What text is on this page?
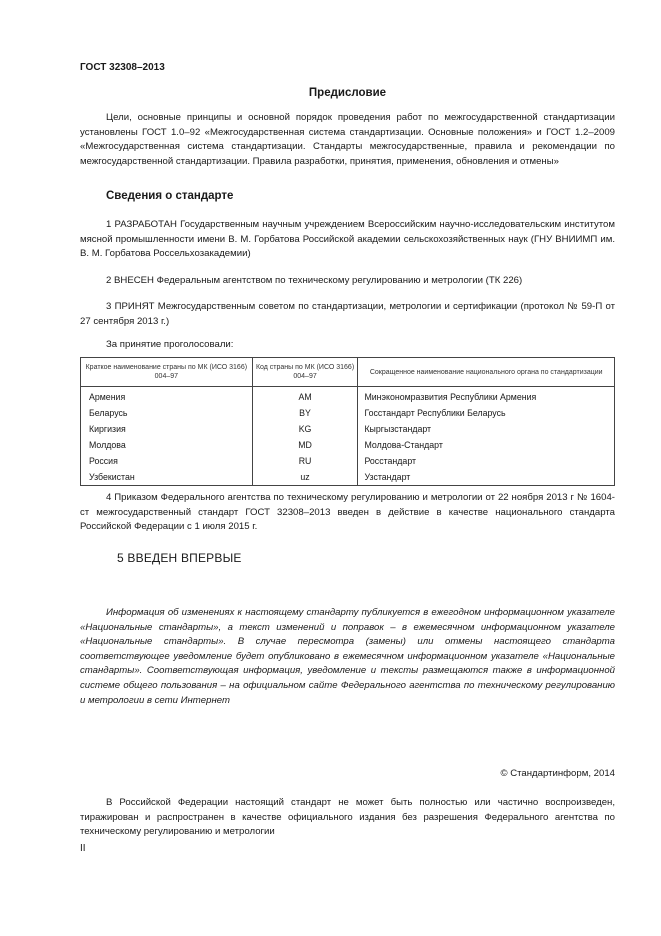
ГОСТ 32308–2013
Предисловие

Цели, основные принципы и основной порядок проведения работ по межгосударственной стандартизации установлены ГОСТ 1.0–92 «Межгосударственная система стандартизации. Основные положения» и ГОСТ 1.2–2009 «Межгосударственная система стандартизации. Стандарты межгосударственные, правила и рекомендации по межгосударственной стандартизации. Правила разработки, принятия, применения, обновления и отмены»

Сведения о стандарте

1 РАЗРАБОТАН Государственным научным учреждением Всероссийским научно-исследовательским институтом мясной промышленности имени В. М. Горбатова Российской академии сельскохозяйственных наук (ГНУ ВНИИМП им. В. М. Горбатова Россельхозакадемии)

2 ВНЕСЕН Федеральным агентством по техническому регулированию и метрологии (ТК 226)

3 ПРИНЯТ Межгосударственным советом по стандартизации, метрологии и сертификации (протокол № 59-П от 27 сентября 2013 г.)

За принятие проголосовали:
Краткое наименование страны по МК (ИСО 3166) 004–97	Код страны по МК (ИСО 3166) 004–97	Сокращенное наименование национального органа по стандартизации
Армения	AM	Минэкономразвития Республики Армения
Беларусь	BY	Госстандарт Республики Беларусь
Киргизия	KG	Кыргызстандарт
Молдова	MD	Молдова-Стандарт
Россия	RU	Росстандарт
Узбекистан	uz	Узстандарт

4 Приказом Федерального агентства по техническому регулированию и метрологии от 22 ноября 2013 г № 1604-ст межгосударственный стандарт ГОСТ 32308–2013 введен в действие в качестве национального стандарта Российской Федерации с 1 июля 2015 г.

5 ВВЕДЕН ВПЕРВЫЕ

Информация об изменениях к настоящему стандарту публикуется в ежегодном информационном указателе «Национальные стандарты», а текст изменений и поправок – в ежемесячном информационном указателе «Национальные стандарты». В случае пересмотра (замены) или отмены настоящего стандарта соответствующее уведомление будет опубликовано в ежемесячном информационном указателе «Национальные стандарты». Соответствующая информация, уведомление и тексты размещаются также в информационной системе общего пользования – на официальном сайте Федерального агентства по техническому регулированию и метрологии в сети Интернет

© Стандартинформ, 2014

В Российской Федерации настоящий стандарт не может быть полностью или частично воспроизведен, тиражирован и распространен в качестве официального издания без разрешения Федерального агентства по техническому регулированию и метрологии

II
